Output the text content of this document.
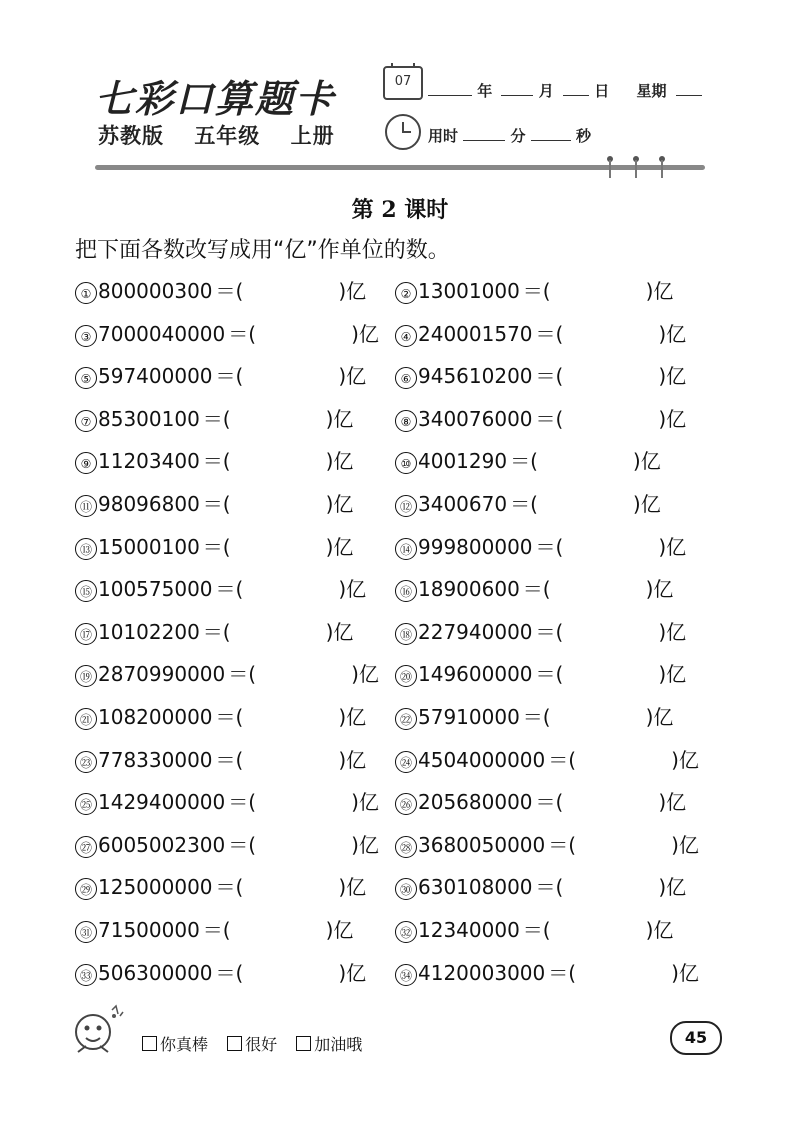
七彩口算题卡
苏教版 五年级 上册
07
年	月	日 星期
用时	分	秒
第 2 课时
把下面各数改写成用“亿”作单位的数。
① 800000300 ＝(	)亿	② 13001000 ＝(	)亿
③ 7000040000 ＝(	)亿	④ 240001570 ＝(	)亿
⑤ 597400000 ＝(	)亿	⑥ 945610200 ＝(	)亿
⑦ 85300100 ＝(	)亿	⑧ 340076000 ＝(	)亿
⑨ 11203400 ＝(	)亿	⑩ 4001290 ＝(	)亿
⑪ 98096800 ＝(	)亿	⑫ 3400670 ＝(	)亿
⑬ 15000100 ＝(	)亿	⑭ 999800000 ＝(	)亿
⑮ 100575000 ＝(	)亿	⑯ 18900600 ＝(	)亿
⑰ 10102200 ＝(	)亿	⑱ 227940000 ＝(	)亿
⑲ 2870990000 ＝(	)亿	⑳ 149600000 ＝(	)亿
㉑ 108200000 ＝(	)亿	㉒ 57910000 ＝(	)亿
㉓ 778330000 ＝(	)亿	㉔ 4504000000 ＝(	)亿
㉕ 1429400000 ＝(	)亿	㉖ 205680000 ＝(	)亿
㉗ 6005002300 ＝(	)亿	㉘ 3680050000 ＝(	)亿
㉙ 125000000 ＝(	)亿	㉚ 630108000 ＝(	)亿
㉛ 71500000 ＝(	)亿	㉜ 12340000 ＝(	)亿
㉝ 506300000 ＝(	)亿	㉞ 4120003000 ＝(	)亿
你真棒 很好 加油哦	45
